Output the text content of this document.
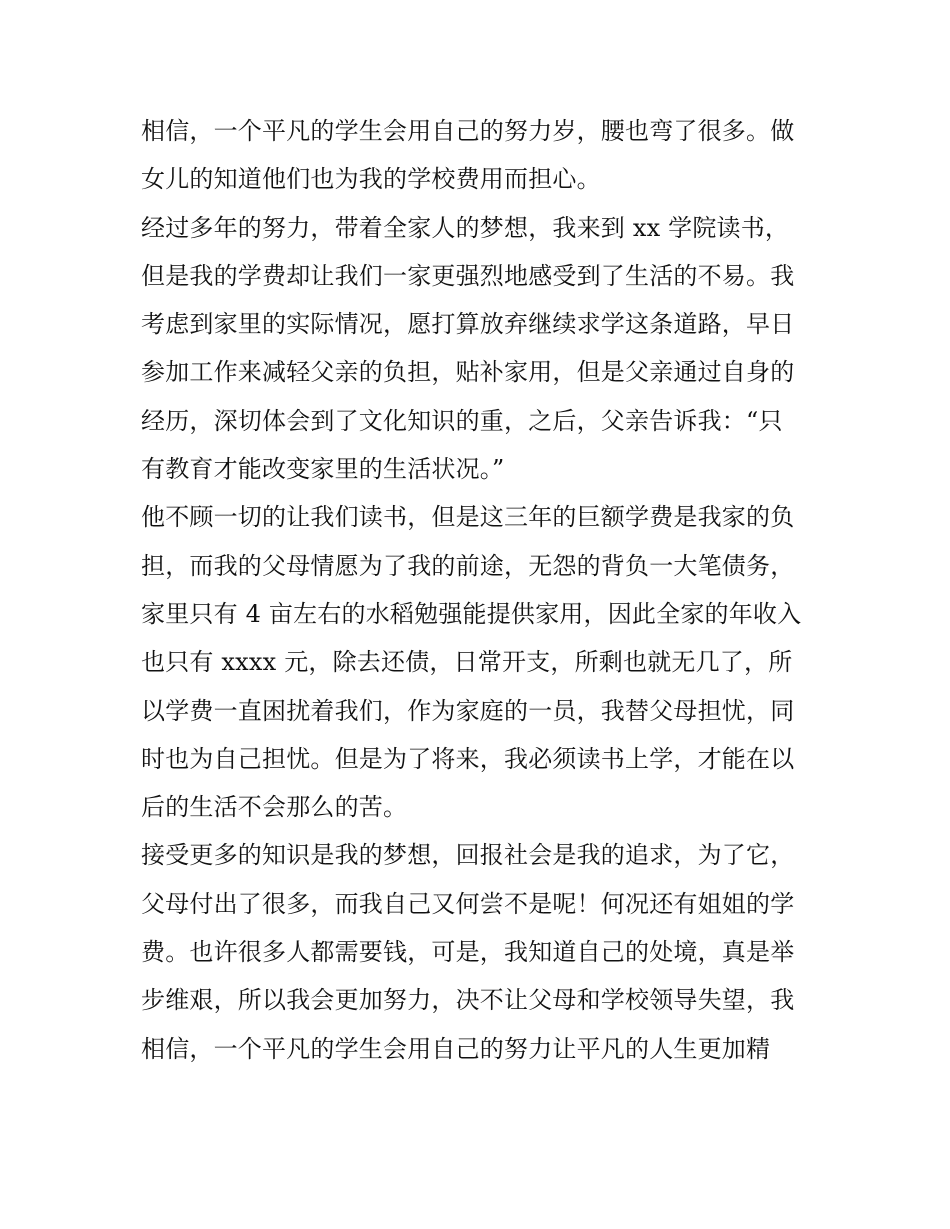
相信，一个平凡的学生会用自己的努力岁，腰也弯了很多。做
女儿的知道他们也为我的学校费用而担心。
经过多年的努力，带着全家人的梦想，我来到 xx 学院读书，
但是我的学费却让我们一家更强烈地感受到了生活的不易。我
考虑到家里的实际情况，愿打算放弃继续求学这条道路，早日
参加工作来减轻父亲的负担，贴补家用，但是父亲通过自身的
经历，深切体会到了文化知识的重，之后，父亲告诉我：“只
有教育才能改变家里的生活状况。”
他不顾一切的让我们读书，但是这三年的巨额学费是我家的负
担，而我的父母情愿为了我的前途，无怨的背负一大笔债务，
家里只有 4 亩左右的水稻勉强能提供家用，因此全家的年收入
也只有 xxxx 元，除去还债，日常开支，所剩也就无几了，所
以学费一直困扰着我们，作为家庭的一员，我替父母担忧，同
时也为自己担忧。但是为了将来，我必须读书上学，才能在以
后的生活不会那么的苦。
接受更多的知识是我的梦想，回报社会是我的追求，为了它，
父母付出了很多，而我自己又何尝不是呢！何况还有姐姐的学
费。也许很多人都需要钱，可是，我知道自己的处境，真是举
步维艰，所以我会更加努力，决不让父母和学校领导失望，我
相信，一个平凡的学生会用自己的努力让平凡的人生更加精
